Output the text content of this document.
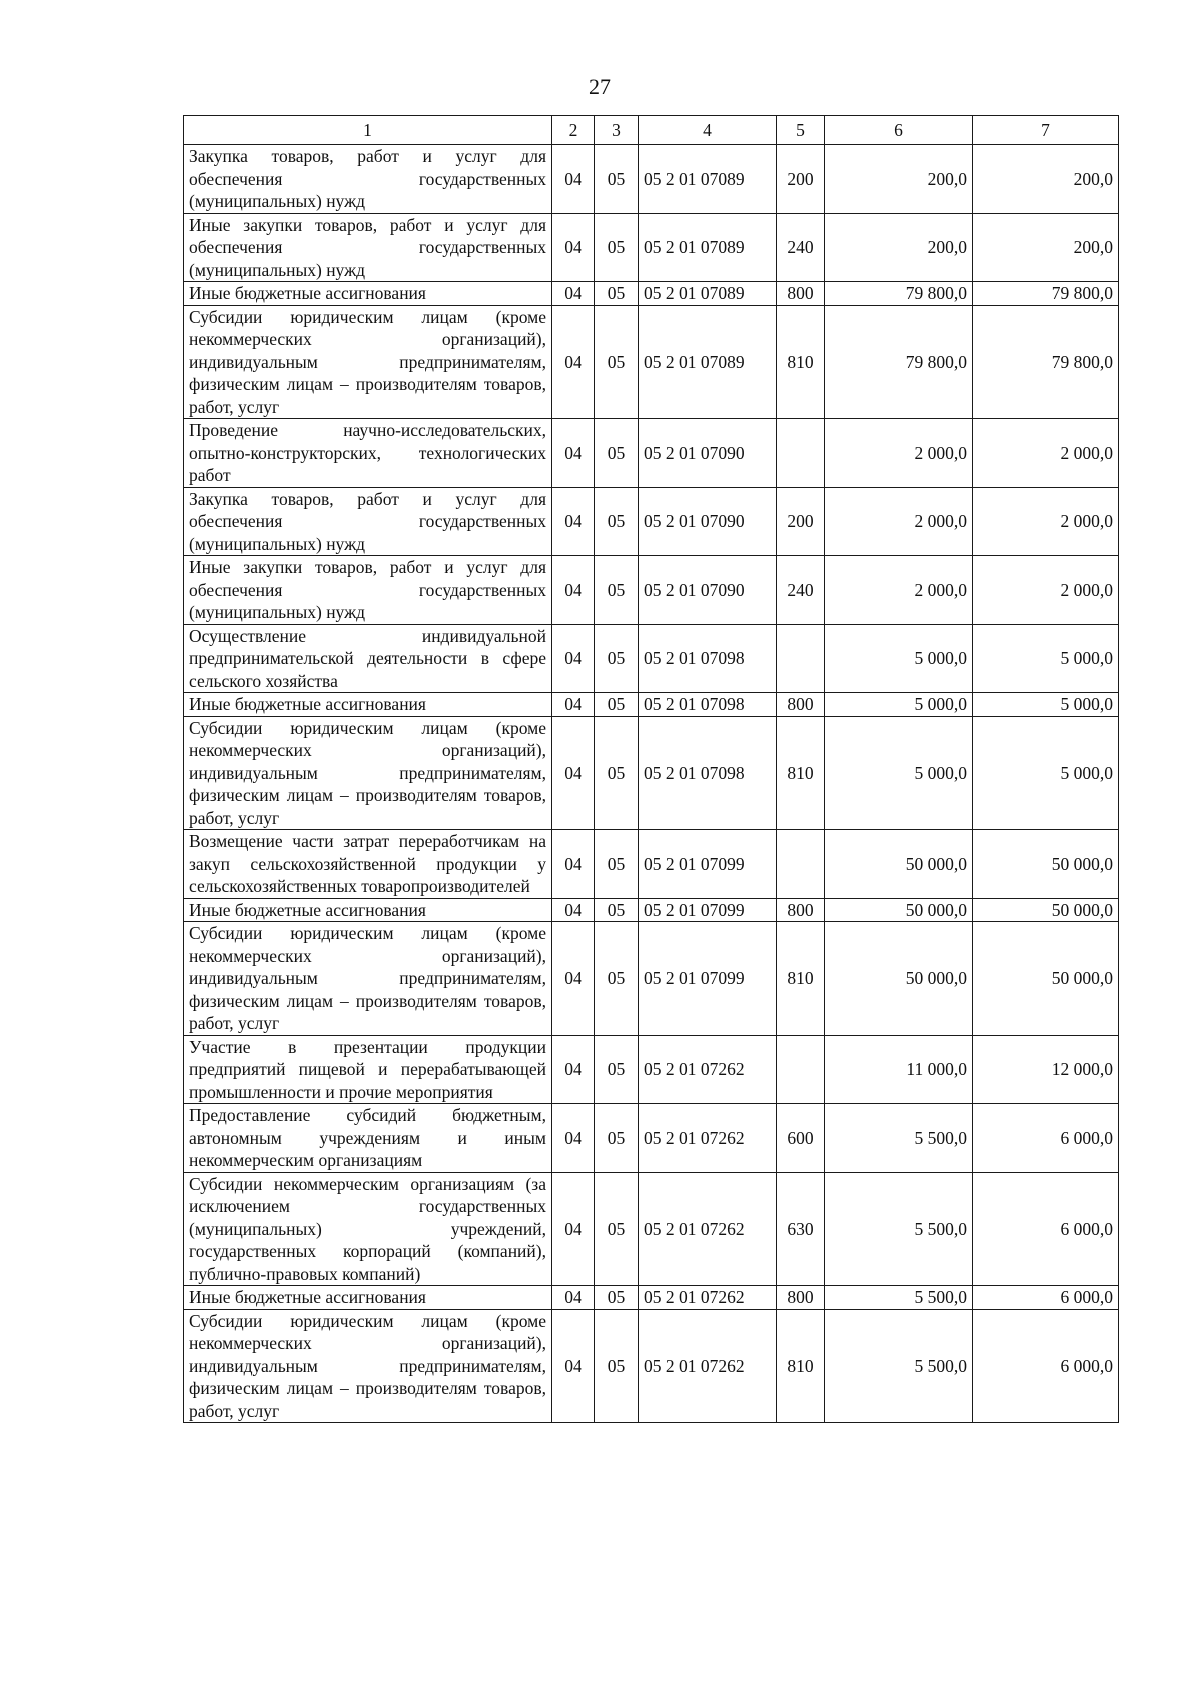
27
1	2	3	4	5	6	7
Закупка товаров, работ и услуг для обеспечения государственных (муниципальных) нужд	04	05	05 2 01 07089	200	200,0	200,0
Иные закупки товаров, работ и услуг для обеспечения государственных (муниципальных) нужд	04	05	05 2 01 07089	240	200,0	200,0
Иные бюджетные ассигнования	04	05	05 2 01 07089	800	79 800,0	79 800,0
Субсидии юридическим лицам (кроме некоммерческих организаций), индивидуальным предпринимателям, физическим лицам – производителям товаров, работ, услуг	04	05	05 2 01 07089	810	79 800,0	79 800,0
Проведение научно-исследовательских, опытно-конструкторских, технологических работ	04	05	05 2 01 07090		2 000,0	2 000,0
Закупка товаров, работ и услуг для обеспечения государственных (муниципальных) нужд	04	05	05 2 01 07090	200	2 000,0	2 000,0
Иные закупки товаров, работ и услуг для обеспечения государственных (муниципальных) нужд	04	05	05 2 01 07090	240	2 000,0	2 000,0
Осуществление индивидуальной предпринимательской деятельности в сфере сельского хозяйства	04	05	05 2 01 07098		5 000,0	5 000,0
Иные бюджетные ассигнования	04	05	05 2 01 07098	800	5 000,0	5 000,0
Субсидии юридическим лицам (кроме некоммерческих организаций), индивидуальным предпринимателям, физическим лицам – производителям товаров, работ, услуг	04	05	05 2 01 07098	810	5 000,0	5 000,0
Возмещение части затрат переработчикам на закуп сельскохозяйственной продукции у сельскохозяйственных товаропроизводителей	04	05	05 2 01 07099		50 000,0	50 000,0
Иные бюджетные ассигнования	04	05	05 2 01 07099	800	50 000,0	50 000,0
Субсидии юридическим лицам (кроме некоммерческих организаций), индивидуальным предпринимателям, физическим лицам – производителям товаров, работ, услуг	04	05	05 2 01 07099	810	50 000,0	50 000,0
Участие в презентации продукции предприятий пищевой и перерабатывающей промышленности и прочие мероприятия	04	05	05 2 01 07262		11 000,0	12 000,0
Предоставление субсидий бюджетным, автономным учреждениям и иным некоммерческим организациям	04	05	05 2 01 07262	600	5 500,0	6 000,0
Субсидии некоммерческим организациям (за исключением государственных (муниципальных) учреждений, государственных корпораций (компаний), публично-правовых компаний)	04	05	05 2 01 07262	630	5 500,0	6 000,0
Иные бюджетные ассигнования	04	05	05 2 01 07262	800	5 500,0	6 000,0
Субсидии юридическим лицам (кроме некоммерческих организаций), индивидуальным предпринимателям, физическим лицам – производителям товаров, работ, услуг	04	05	05 2 01 07262	810	5 500,0	6 000,0
